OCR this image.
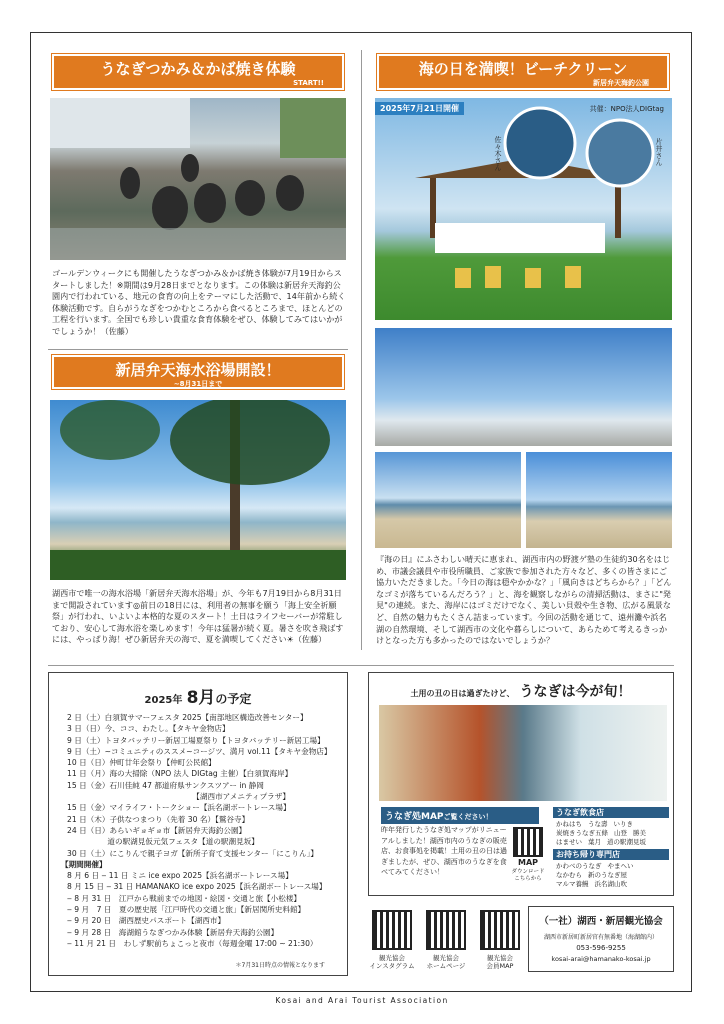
うなぎつかみ＆かば焼き体験
START!!
ゴールデンウィークにも開催したうなぎつかみ＆かば焼き体験が7月19日からスタートしました！※期間は9月28日までとなります。この体験は新居弁天海釣公園内で行われている、地元の食育の向上をテーマにした活動で、14年前から続く体験活動です。自らがうなぎをつかむところから食べるところまで、ほとんどの工程を行います。全国でも珍しい貴重な食育体験をぜひ、体験してみてはいかがでしょうか！（佐藤）
新居弁天海水浴場開設！
~8月31日まで
湖西市で唯一の海水浴場「新居弁天海水浴場」が、今年も7月19日から8月31日まで開設されています◎前日の18日には、利用者の無事を願う「海上安全祈願祭」が行われ、いよいよ本格的な夏のスタート！土日はライフセーバーが常駐しており、安心して海水浴を楽しめます！今年は猛暑が続く夏。暑さを吹き飛ばすには、やっぱり海！ぜひ新居弁天の海で、夏を満喫してください☀（佐藤）
海の日を満喫！ビーチクリーン
新居弁天海釣公園
2025年7月21日開催	共催：NPO法人DIGtag
佐々木さん	片井さん
『海の日』にふさわしい晴天に恵まれ、湖西市内の野渡ゲ塾の生徒約30名をはじめ、市議会議員や市役所職員、ご家族で参加された方々など、多くの皆さまにご協力いただきました。「今日の海は穏やかかな？」「風向きはどちらから？」「どんなゴミが落ちているんだろう？」と、海を観察しながらの清掃活動は、まさに"発見"の連続。また、海岸にはゴミだけでなく、美しい貝殻や生き物、広がる風景など、自然の魅力もたくさん詰まっています。今回の活動を通じて、遠州灘や浜名湖の自然環境、そして湖西市の文化や暮らしについて、あらためて考えるきっかけとなった方も多かったのではないでしょうか？
2025年 8月の予定
2 日（土）白須賀サマーフェスタ 2025【南部地区構造改善センター】
3 日（日）今、ココ、わたし。【タキヤ金物店】
9 日（土）トヨタバッテリー新居工場夏祭り【トヨタバッテリー新居工場】
9 日（土）~コミュニティのススメ~コージツ、満月 vol.11【タキヤ金物店】
10 日（日）仲町廿年会祭り【仲町公民館】
11 日（月）海の大掃除（NPO 法人 DIGtag 主催）【白須賀海岸】
15 日（金）石川佳純 47 都道府県サンクスツアー in 静岡
　　　　　　　　　　　　　　　　　【湖西市アメニティプラザ】
15 日（金）マイライフ・トークショー【浜名湖ボートレース場】
21 日（木）子供なつまつり（先着 30 名）【鷲谷寺】
24 日（日）あらいギョギョ市【新居弁天海釣公園】
　　　　　 道の駅湖見仮元気フェスタ【道の駅潮見坂】
30 日（土）にこりんで親子ヨガ【新所子育て支援センター「にこりん」】
【期間開催】
8 月 6 日 ‒ 11 日 ミニ ice expo 2025【浜名湖ボートレース場】
8 月 15 日 ‒ 31 日 HAMANAKO ice expo 2025【浜名湖ボートレース場】
‒ 8 月 31 日　江戸から戦前までの地図・絵図・交通と旅【小松楼】
‒ 9 月　7 日　夏の歴史展「江戸時代の交通と旅」【新居関所史料館】
‒ 9 月 20 日　湖西歴史パスポート【湖西市】
‒ 9 月 28 日　海湖館うなぎつかみ体験【新居弁天海釣公園】
‒ 11 月 21 日　わしず駅前ちょこっと夜市（毎週金曜 17:00 ~ 21:30）
＊7月31日時点の情報となります
土用の丑の日は過ぎたけど、 うなぎは今が旬！
うなぎ処MAPご覧ください！
昨年発行したうなぎ処マップがリニューアルしました！湖西市内のうなぎの販売店、お食事処を掲載！土用の丑の日は過ぎましたが、ぜひ、湖西市のうなぎを食べてみてください！
MAP
ダウンロードこちらから
うなぎ飲食店
かねはち うな壽 いりき炭焼きうなぎ五條 山登 勝美はませい 葉月 道の駅潮見坂
お持ち帰り専門店
かわべのうなぎ やまへいなかむら 新のうなぎ屋マルマ養鰻 浜名湖山吹
観光協会
インスタグラム
観光協会
ホームページ
観光協会
会員MAP
（一社）湖西・新居観光協会
湖西市新居町新居官有無番地（海湖館内）
053-596-9255
kosai-arai@hamanako-kosai.jp
Kosai and Arai Tourist Association
